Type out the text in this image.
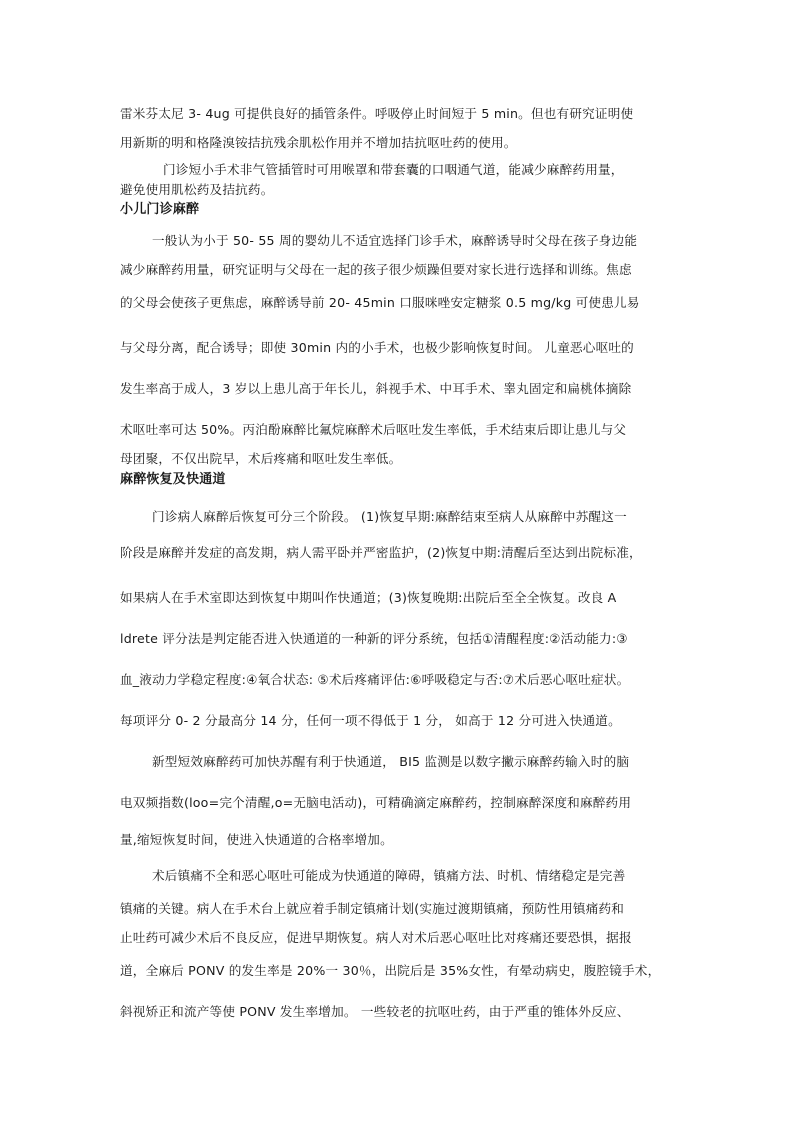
雷米芬太尼 3- 4ug 可提供良好的插管条件。呼吸停止时间短于 5 min。但也有研究证明使
用新斯的明和格隆溴铵拮抗残余肌松作用并不增加拮抗呕吐药的使用。
门诊短小手术非气管插管时可用喉罩和带套囊的口咽通气道，能减少麻醉药用量，
避免使用肌松药及拮抗药。
小儿门诊麻醉
一般认为小于 50- 55 周的婴幼儿不适宜选择门诊手术，麻醉诱导时父母在孩子身边能
减少麻醉药用量，研究证明与父母在一起的孩子很少烦躁但要对家长进行选择和训练。焦虑
的父母会使孩子更焦虑，麻醉诱导前 20- 45min 口服咪唑安定糖浆 0.5 mg/kg 可使患儿易
与父母分离，配合诱导；即使 30min 内的小手术，也极少影响恢复时间。 儿童恶心呕吐的
发生率高于成人，3 岁以上患儿高于年长儿，斜视手术、中耳手术、睾丸固定和扁桃体摘除
术呕吐率可达 50%。丙泊酚麻醉比氟烷麻醉术后呕吐发生率低，手术结束后即让患儿与父
母团聚，不仅出院早，术后疼痛和呕吐发生率低。
麻醉恢复及快通道
门诊病人麻醉后恢复可分三个阶段。 (1)恢复早期:麻醉结束至病人从麻醉中苏醒这一
阶段是麻醉并发症的高发期，病人需平卧并严密监护，(2)恢复中期:清醒后至达到出院标准，
如果病人在手术室即达到恢复中期叫作快通道；(3)恢复晚期:出院后至全全恢复。改良 A
ldrete 评分法是判定能否进入快通道的一种新的评分系统，包括①清醒程度:②活动能力:③
血_液动力学稳定程度:④氧合状态: ⑤术后疼痛评估:⑥呼吸稳定与否:⑦术后恶心呕吐症状。
每项评分 0- 2 分最高分 14 分，任何一项不得低于 1 分， 如高于 12 分可进入快通道。
新型短效麻醉药可加快苏醒有利于快通道， BI5 监测是以数字撇示麻醉药输入时的脑
电双频指数(loo=完个清醒,o=无脑电活动)，可精确滴定麻醉药，控制麻醉深度和麻醉药用
量,缩短恢复时间，使进入快通道的合格率增加。
术后镇痛不全和恶心呕吐可能成为快通道的障碍，镇痛方法、时机、情绪稳定是完善
镇痛的关键。病人在手术台上就应着手制定镇痛计划(实施过渡期镇痛，预防性用镇痛药和
止吐药可减少术后不良反应，促进早期恢复。病人对术后恶心呕吐比对疼痛还要恐惧，据报
道，全麻后 PONV 的发生率是 20%一 30％，出院后是 35%女性，有晕动病史，腹腔镜手术，
斜视矫正和流产等使 PONV 发生率增加。 一些较老的抗呕吐药，由于严重的锥体外反应、
